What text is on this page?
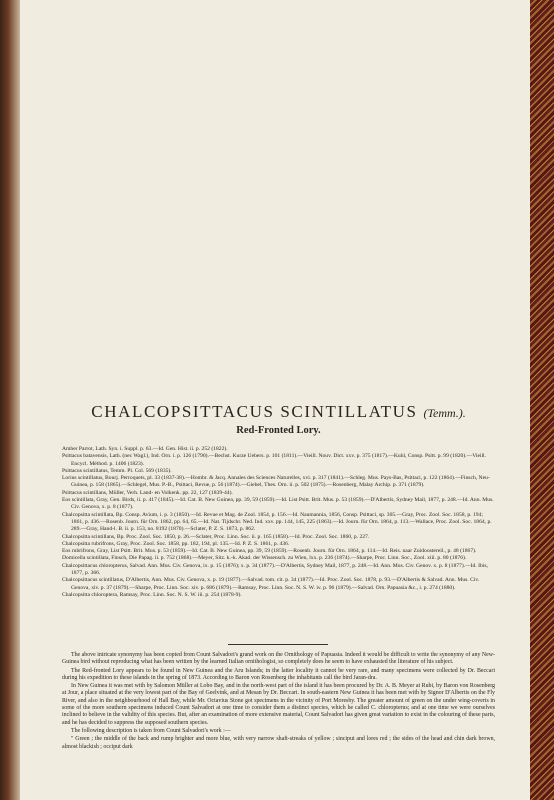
CHALCOPSITTACUS SCINTILLATUS (Temm.).
Red-Fronted Lory.

Amber Parrot, Lath. Syn. i. Suppl. p. 63.—Id. Gen. Hist. ii. p. 252 (1822).

Psittacus batavensis, Lath. (nec Wagl.), Ind. Orn. i. p. 126 (1790).—Bechst. Kurze Uebers. p. 101 (1811).—Vieill. Nouv. Dict. xxv. p. 375 (1817).—Kuhl, Consp. Psitt. p. 99 (1820).—Vieill. Encycl. Méthod. p. 1406 (1823).

Psittacus scintillatus, Temm. Pl. Col. 569 (1835).

Lorius scintillatus, Bourj. Perroquets, pl. 33 (1837-38).—Hombr. & Jacq. Annales des Sciences Naturelles, xvi. p. 317 (1841).—Schleg. Mus. Pays-Bas, Psittaci, p. 122 (1864).—Finsch, Neu-Guinea, p. 158 (1865).—Schlegel, Mus. P.-B., Psittaci, Revue, p. 56 (1874).—Giebel, Thes. Orn. ii. p. 502 (1875).—Rosenberg, Malay Archip. p. 371 (1879).

Psittacus scintillans, Müller, Verh. Land- en Volkenk. pp. 22, 127 (1839-44).

Eos scintillata, Gray, Gen. Birds, ii. p. 417 (1845).—Id. Cat. B. New Guinea, pp. 39, 59 (1859).—Id. List Psitt. Brit. Mus. p. 53 (1859).—D'Albertis, Sydney Mail, 1877, p. 248.—Id. Ann. Mus. Civ. Genova, x. p. 8 (1877).

Chalcopsitta scintillata, Bp. Consp. Avium, i. p. 3 (1850).—Id. Revue et Mag. de Zool. 1854, p. 156.—Id. Naumannia, 1856, Consp. Psittaci, sp. 305.—Gray, Proc. Zool. Soc. 1858, p. 194; 1861, p. 436.—Rosenb. Journ. für Orn. 1862, pp. 64, 65.—Id. Nat. Tijdschr. Ned. Ind. xxv. pp. 144, 145, 225 (1863).—Id. Journ. für Orn. 1864, p. 113.—Wallace, Proc. Zool. Soc. 1864, p. 289.—Gray, Hand-l. B. ii. p. 153, no. 8192 (1870).—Sclater, P. Z. S. 1873, p. 862.

Chalcopsitta scintillans, Bp. Proc. Zool. Soc. 1850, p. 26.—Sclater, Proc. Linn. Soc. ii. p. 165 (1858).—Id. Proc. Zool. Soc. 1860, p. 227.

Chalcopsitta rubrifrons, Gray, Proc. Zool. Soc. 1858, pp. 182, 194, pl. 135.—Id. P. Z. S. 1861, p. 436.

Eos rubrifrons, Gray, List Psitt. Brit. Mus. p. 53 (1859).—Id. Cat. B. New Guinea, pp. 39, 59 (1859).—Rosenb. Journ. für Orn. 1864, p. 114.—Id. Reis. naar Zuidoostereil., p. 48 (1867).

Domicella scintillata, Finsch, Die Papag. ii. p. 752 (1868).—Meyer, Sitz. k.-k. Akad. der Wissensch. zu Wien, lxx. p. 236 (1874).—Sharpe, Proc. Linn. Soc., Zool. xiii. p. 80 (1876).

Chalcopsittacus chloropterus, Salvad. Ann. Mus. Civ. Genova, ix. p. 15 (1876); x. p. 34 (1877).—D'Albertis, Sydney Mail, 1877, p. 248.—Id. Ann. Mus. Civ. Genov. x. p. 8 (1877).—Id. Ibis, 1877, p. 366.

Chalcopsittacus scintillatus, D'Albertis, Ann. Mus. Civ. Genova, x. p. 19 (1877).—Salvad. tom. cit. p. 34 (1877).—Id. Proc. Zool. Soc. 1878, p. 93.—D'Albertis & Salvad. Ann. Mus. Civ. Genova, xiv. p. 37 (1879).—Sharpe, Proc. Linn. Soc. xiv. p. 686 (1879).—Ramsay, Proc. Linn. Soc. N. S. W. iv. p. 96 (1879).—Salvad. Orn. Papuasia &c., i. p. 274 (1880).

Chalcopsitta chloroptera, Ramsay, Proc. Linn. Soc. N. S. W. iii. p. 254 (1878-9).

The above intricate synonymy has been copied from Count Salvadori's grand work on the Ornithology of Papuasia. Indeed it would be difficult to write the synonymy of any New-Guinea bird without reproducing what has been written by the learned Italian ornithologist, so completely does he seem to have exhausted the literature of his subject.

The Red-fronted Lory appears to be found in New Guinea and the Aru Islands; in the latter locality it cannot be very rare, and many specimens were collected by Dr. Beccari during his expedition to these islands in the spring of 1873. According to Baron von Rosenberg the inhabitants call the bird Jaran-dra.

In New Guinea it was met with by Salomon Müller at Lobo Bay, and in the north-west part of the island it has been procured by Dr. A. B. Meyer at Rubi, by Baron von Rosenberg at Jour, a place situated at the very lowest part of the Bay of Geelvink, and at Mesan by Dr. Beccari. In south-eastern New Guinea it has been met with by Signor D'Albertis on the Fly River, and also in the neighbourhood of Hall Bay, while Mr. Octavius Stone got specimens in the vicinity of Port Moresby. The greater amount of green on the under wing-coverts in some of the more southern specimens induced Count Salvadori at one time to consider them a distinct species, which he called C. chloropterus; and at one time we were ourselves inclined to believe in the validity of this species. But, after an examination of more extensive material, Count Salvadori has given great variation to exist in the colouring of these parts, and he has decided to suppress the supposed southern species.

The following description is taken from Count Salvadori's work :—

" Green ; the middle of the back and rump brighter and more blue, with very narrow shaft-streaks of yellow ; sinciput and lores red ; the sides of the head and chin dark brown, almost blackish ; occiput dark
